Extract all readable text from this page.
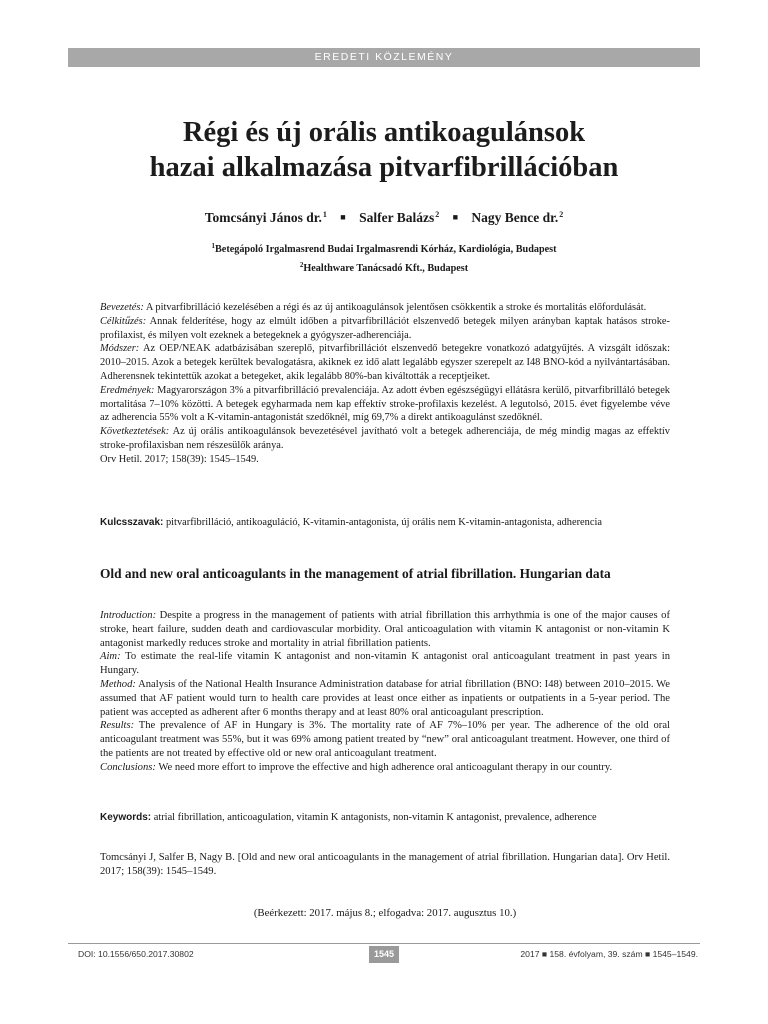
EREDETI KÖZLEMÉNY
Régi és új orális antikoagulánsok
hazai alkalmazása pitvarfibrillációban
Tomcsányi János dr.$^1$ ■ Salfer Balázs$^2$ ■ Nagy Bence dr.$^2$
$^1$Betegápoló Irgalmasrend Budai Irgalmasrendi Kórház, Kardiológia, Budapest
$^2$Healthware Tanácsadó Kft., Budapest

Bevezetés: A pitvarfibrilláció kezelésében a régi és az új antikoagulánsok jelentősen csökkentik a stroke és mortalitás előfordulását.

Célkitűzés: Annak felderítése, hogy az elmúlt időben a pitvarfibrillációt elszenvedő betegek milyen arányban kaptak hatásos stroke-profilaxist, és milyen volt ezeknek a betegeknek a gyógyszer-adherenciája.

Módszer: Az OEP/NEAK adatbázisában szereplő, pitvarfibrillációt elszenvedő betegekre vonatkozó adatgyűjtés. A vizsgált időszak: 2010–2015. Azok a betegek kerültek bevalogatásra, akiknek ez idő alatt legalább egyszer szerepelt az I48 BNO-kód a nyilvántartásában. Adherensnek tekintettük azokat a betegeket, akik legalább 80%-ban kiváltották a receptjeiket.

Eredmények: Magyarországon 3% a pitvarfibrilláció prevalenciája. Az adott évben egészségügyi ellátásra kerülő, pitvarfibrilláló betegek mortalitása 7–10% közötti. A betegek egyharmada nem kap effektív stroke-profilaxis kezelést. A legutolsó, 2015. évet figyelembe véve az adherencia 55% volt a K-vitamin-antagonistát szedőknél, míg 69,7% a direkt antikoagulánst szedőknél.

Következtetések: Az új orális antikoagulánsok bevezetésével javítható volt a betegek adherenciája, de még mindig magas az effektív stroke-profilaxisban nem részesülők aránya.

Orv Hetil. 2017; 158(39): 1545–1549.

Kulcsszavak: pitvarfibrilláció, antikoaguláció, K-vitamin-antagonista, új orális nem K-vitamin-antagonista, adherencia
Old and new oral anticoagulants in the management of atrial fibrillation. Hungarian data

Introduction: Despite a progress in the management of patients with atrial fibrillation this arrhythmia is one of the major causes of stroke, heart failure, sudden death and cardiovascular morbidity. Oral anticoagulation with vitamin K antagonist or non-vitamin K antagonist markedly reduces stroke and mortality in atrial fibrillation patients.

Aim: To estimate the real-life vitamin K antagonist and non-vitamin K antagonist oral anticoagulant treatment in past years in Hungary.

Method: Analysis of the National Health Insurance Administration database for atrial fibrillation (BNO: I48) between 2010–2015. We assumed that AF patient would turn to health care provides at least once either as inpatients or outpatients in a 5-year period. The patient was accepted as adherent after 6 months therapy and at least 80% oral anticoagulant prescription.

Results: The prevalence of AF in Hungary is 3%. The mortality rate of AF 7%–10% per year. The adherence of the old oral anticoagulant treatment was 55%, but it was 69% among patient treated by “new” oral anticoagulant treatment. However, one third of the patients are not treated by effective old or new oral anticoagulant treatment.

Conclusions: We need more effort to improve the effective and high adherence oral anticoagulant therapy in our country.

Keywords: atrial fibrillation, anticoagulation, vitamin K antagonists, non-vitamin K antagonist, prevalence, adherence
Tomcsányi J, Salfer B, Nagy B. [Old and new oral anticoagulants in the management of atrial fibrillation. Hungarian data]. Orv Hetil. 2017; 158(39): 1545–1549.
(Beérkezett: 2017. május 8.; elfogadva: 2017. augusztus 10.)
DOI: 10.1556/650.2017.30802	1545	2017 ■ 158. évfolyam, 39. szám ■ 1545–1549.
